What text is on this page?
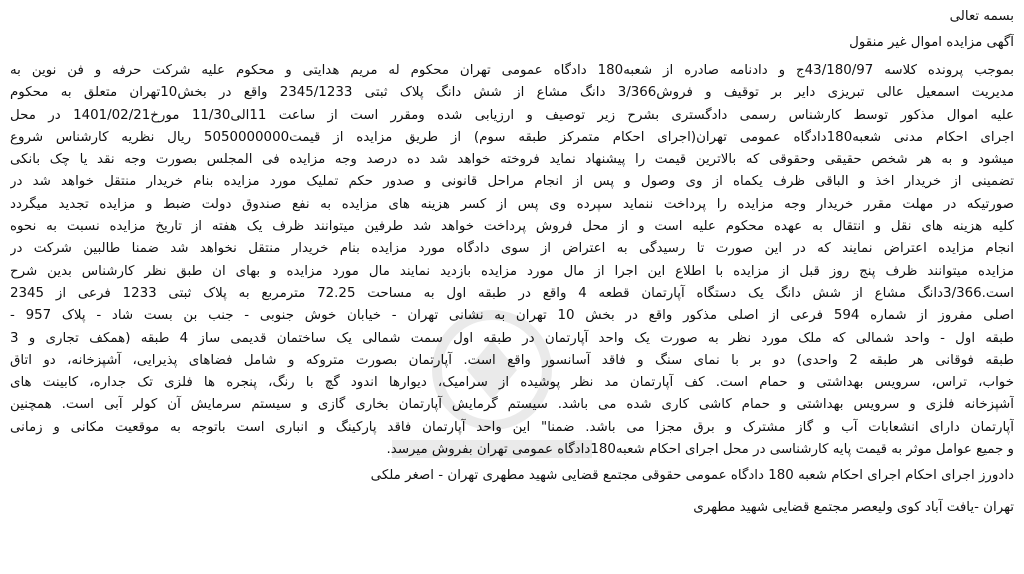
بسمه تعالی
آگهی مزایده اموال غیر منقول
بموجب پرونده کلاسه 43/180/97ج و دادنامه صادره از شعبه180 دادگاه عمومی تهران محکوم له مریم هدایتی و محکوم علیه شرکت حرفه و فن نوین به
مدیریت اسمعیل عالی تبریزی دایر بر توقیف و فروش3/366 دانگ مشاع از شش دانگ پلاک ثبتی 2345/1233 واقع در بخش10تهران متعلق به محکوم
علیه اموال مذکور توسط کارشناس رسمی دادگستری بشرح زیر توصیف و ارزیابی شده ومقرر است از ساعت 11الی11/30 مورخ1401/02/21 در محل
اجرای احکام مدنی شعبه180دادگاه عمومی تهران(اجرای احکام متمرکز طبقه سوم) از طریق مزایده از قیمت5050000000 ریال نظریه کارشناس شروع
میشود و به هر شخص حقیقی وحقوقی که بالاترین قیمت را پیشنهاد نماید فروخته خواهد شد ده درصد وجه مزایده فی المجلس بصورت وجه نقد یا چک بانکی
تضمینی از خریدار اخذ و الباقی ظرف یکماه از وی وصول و پس از انجام مراحل قانونی و صدور حکم تملیک مورد مزایده بنام خریدار منتقل خواهد شد در
صورتیکه در مهلت مقرر خریدار وجه مزایده را پرداخت ننماید سپرده وی پس از کسر هزینه های مزایده به نفع صندوق دولت ضبط و مزایده تجدید میگردد
کلیه هزینه های نقل و انتقال به عهده محکوم علیه است و از محل فروش پرداخت خواهد شد طرفین میتوانند ظرف یک هفته از تاریخ مزایده نسبت به نحوه
انجام مزایده اعتراض نمایند که در این صورت تا رسیدگی به اعتراض از سوی دادگاه مورد مزایده بنام خریدار منتقل نخواهد شد ضمنا طالبین شرکت در
مزایده میتوانند ظرف پنج روز قبل از مزایده با اطلاع این اجرا از مال مورد مزایده بازدید نمایند مال مورد مزایده و بهای ان طبق نظر کارشناس بدین شرح
است.3/366دانگ مشاع از شش دانگ یک دستگاه آپارتمان قطعه 4 واقع در طبقه اول به مساحت 72.25 مترمربع به پلاک ثبتی 1233 فرعی از 2345
اصلی مفروز از شماره 594 فرعی از اصلی مذکور واقع در بخش 10 تهران به نشانی تهران - خیابان خوش جنوبی - جنب بن بست شاد - پلاک 957 -
طبقه اول - واحد شمالی که ملک مورد نظر به صورت یک واحد آپارتمان در طبقه اول سمت شمالی یک ساختمان قدیمی ساز 4 طبقه (همکف تجاری و 3
طبقه فوقانی هر طبقه 2 واحدی) دو بر با نمای سنگ و فاقد آسانسور واقع است. آپارتمان بصورت متروکه و شامل فضاهای پذیرایی، آشپزخانه، دو اتاق
خواب، تراس، سرویس بهداشتی و حمام است. کف آپارتمان مد نظر پوشیده از سرامیک، دیوارها اندود گچ با رنگ، پنجره ها فلزی تک جداره، کابینت های
آشپزخانه فلزی و سرویس بهداشتی و حمام کاشی کاری شده می باشد. سیستم گرمایش آپارتمان بخاری گازی و سیستم سرمایش آن کولر آبی است. همچنین
آپارتمان دارای انشعابات آب و گاز مشترک و برق مجزا می باشد. ضمنا" این واحد آپارتمان فاقد پارکینگ و انباری است باتوجه به موقعیت مکانی و زمانی
و جمیع عوامل موثر به قیمت پایه کارشناسی در محل اجرای احکام شعبه180دادگاه عمومی تهران بفروش میرسد.
دادورز اجرای احکام اجرای احکام شعبه 180 دادگاه عمومی حقوقی مجتمع قضایی شهید مطهری تهران - اصغر ملکی
تهران -یافت آباد کوی ولیعصر مجتمع قضایی شهید مطهری
